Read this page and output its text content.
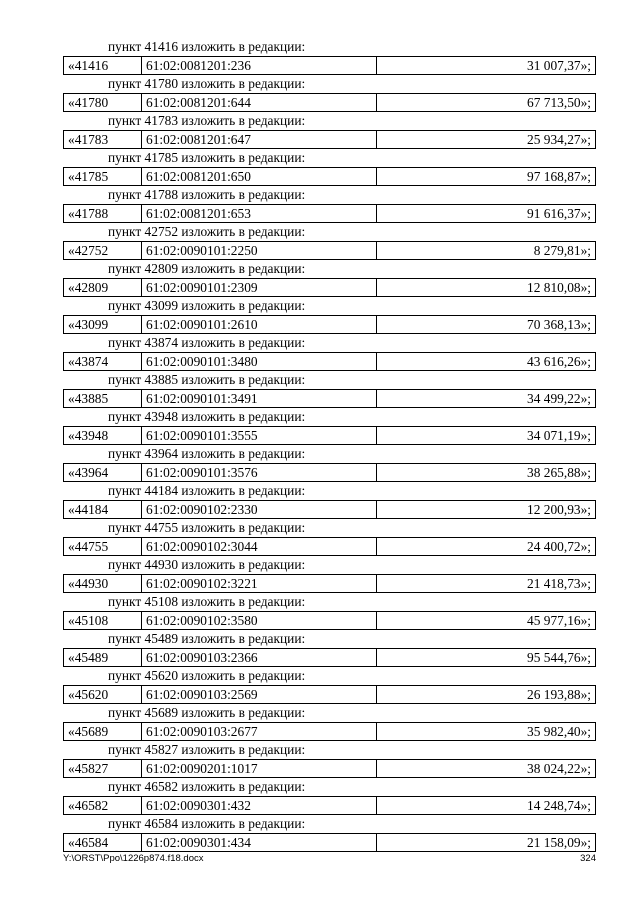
пункт 41416 изложить в редакции:
«41416	61:02:0081201:236	31 007,37»;
пункт 41780 изложить в редакции:
«41780	61:02:0081201:644	67 713,50»;
пункт 41783 изложить в редакции:
«41783	61:02:0081201:647	25 934,27»;
пункт 41785 изложить в редакции:
«41785	61:02:0081201:650	97 168,87»;
пункт 41788 изложить в редакции:
«41788	61:02:0081201:653	91 616,37»;
пункт 42752 изложить в редакции:
«42752	61:02:0090101:2250	8 279,81»;
пункт 42809 изложить в редакции:
«42809	61:02:0090101:2309	12 810,08»;
пункт 43099 изложить в редакции:
«43099	61:02:0090101:2610	70 368,13»;
пункт 43874 изложить в редакции:
«43874	61:02:0090101:3480	43 616,26»;
пункт 43885 изложить в редакции:
«43885	61:02:0090101:3491	34 499,22»;
пункт 43948 изложить в редакции:
«43948	61:02:0090101:3555	34 071,19»;
пункт 43964 изложить в редакции:
«43964	61:02:0090101:3576	38 265,88»;
пункт 44184 изложить в редакции:
«44184	61:02:0090102:2330	12 200,93»;
пункт 44755 изложить в редакции:
«44755	61:02:0090102:3044	24 400,72»;
пункт 44930 изложить в редакции:
«44930	61:02:0090102:3221	21 418,73»;
пункт 45108 изложить в редакции:
«45108	61:02:0090102:3580	45 977,16»;
пункт 45489 изложить в редакции:
«45489	61:02:0090103:2366	95 544,76»;
пункт 45620 изложить в редакции:
«45620	61:02:0090103:2569	26 193,88»;
пункт 45689 изложить в редакции:
«45689	61:02:0090103:2677	35 982,40»;
пункт 45827 изложить в редакции:
«45827	61:02:0090201:1017	38 024,22»;
пункт 46582 изложить в редакции:
«46582	61:02:0090301:432	14 248,74»;
пункт 46584 изложить в редакции:
«46584	61:02:0090301:434	21 158,09»;
Y:\ORST\Ppo\1226p874.f18.docx	324
